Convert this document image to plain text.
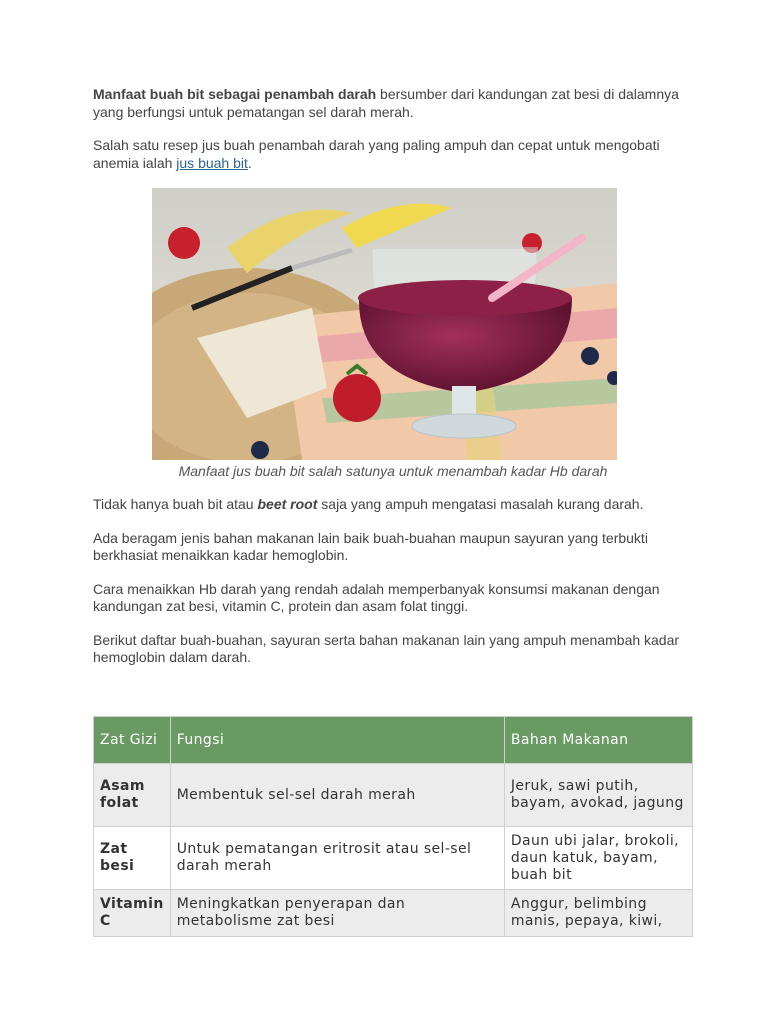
Manfaat buah bit sebagai penambah darah bersumber dari kandungan zat besi di dalamnya yang berfungsi untuk pematangan sel darah merah.

Salah satu resep jus buah penambah darah yang paling ampuh dan cepat untuk mengobati anemia ialah jus buah bit.

Manfaat jus buah bit salah satunya untuk menambah kadar Hb darah

Tidak hanya buah bit atau beet root saja yang ampuh mengatasi masalah kurang darah.

Ada beragam jenis bahan makanan lain baik buah-buahan maupun sayuran yang terbukti berkhasiat menaikkan kadar hemoglobin.

Cara menaikkan Hb darah yang rendah adalah memperbanyak konsumsi makanan dengan kandungan zat besi, vitamin C, protein dan asam folat tinggi.

Berikut daftar buah-buahan, sayuran serta bahan makanan lain yang ampuh menambah kadar hemoglobin dalam darah.

Zat Gizi	Fungsi	Bahan Makanan
Asam folat	Membentuk sel-sel darah merah	Jeruk, sawi putih, bayam, avokad, jagung
Zat besi	Untuk pematangan eritrosit atau sel-sel darah merah	Daun ubi jalar, brokoli, daun katuk, bayam, buah bit
Vitamin C	Meningkatkan penyerapan dan metabolisme zat besi	Anggur, belimbing manis, pepaya, kiwi,
